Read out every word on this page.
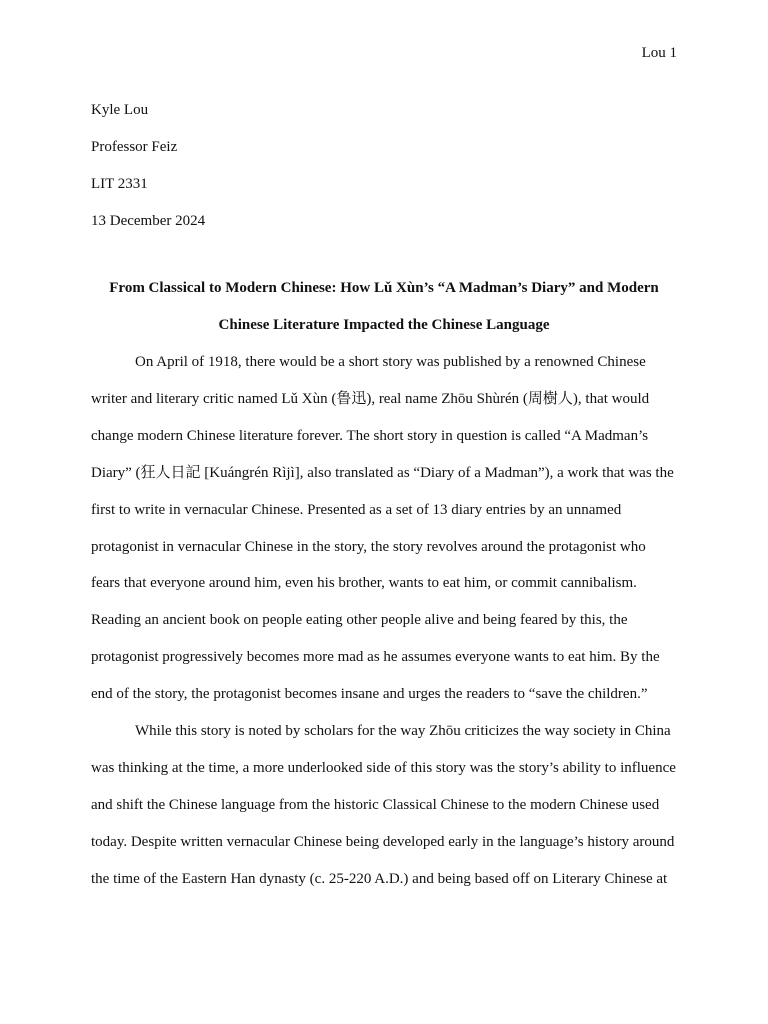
Lou 1

Kyle Lou

Professor Feiz

LIT 2331

13 December 2024

From Classical to Modern Chinese: How Lǔ Xùn’s “A Madman’s Diary” and Modern

Chinese Literature Impacted the Chinese Language

On April of 1918, there would be a short story was published by a renowned Chinese

writer and literary critic named Lǔ Xùn (鲁迅), real name Zhōu Shùrén (周樹人), that would

change modern Chinese literature forever. The short story in question is called “A Madman’s

Diary” (狂人日記 [Kuángrén Rìjì], also translated as “Diary of a Madman”), a work that was the

first to write in vernacular Chinese. Presented as a set of 13 diary entries by an unnamed

protagonist in vernacular Chinese in the story, the story revolves around the protagonist who

fears that everyone around him, even his brother, wants to eat him, or commit cannibalism.

Reading an ancient book on people eating other people alive and being feared by this, the

protagonist progressively becomes more mad as he assumes everyone wants to eat him. By the

end of the story, the protagonist becomes insane and urges the readers to “save the children.”

While this story is noted by scholars for the way Zhōu criticizes the way society in China

was thinking at the time, a more underlooked side of this story was the story’s ability to influence

and shift the Chinese language from the historic Classical Chinese to the modern Chinese used

today. Despite written vernacular Chinese being developed early in the language’s history around

the time of the Eastern Han dynasty (c. 25-220 A.D.) and being based off on Literary Chinese at
